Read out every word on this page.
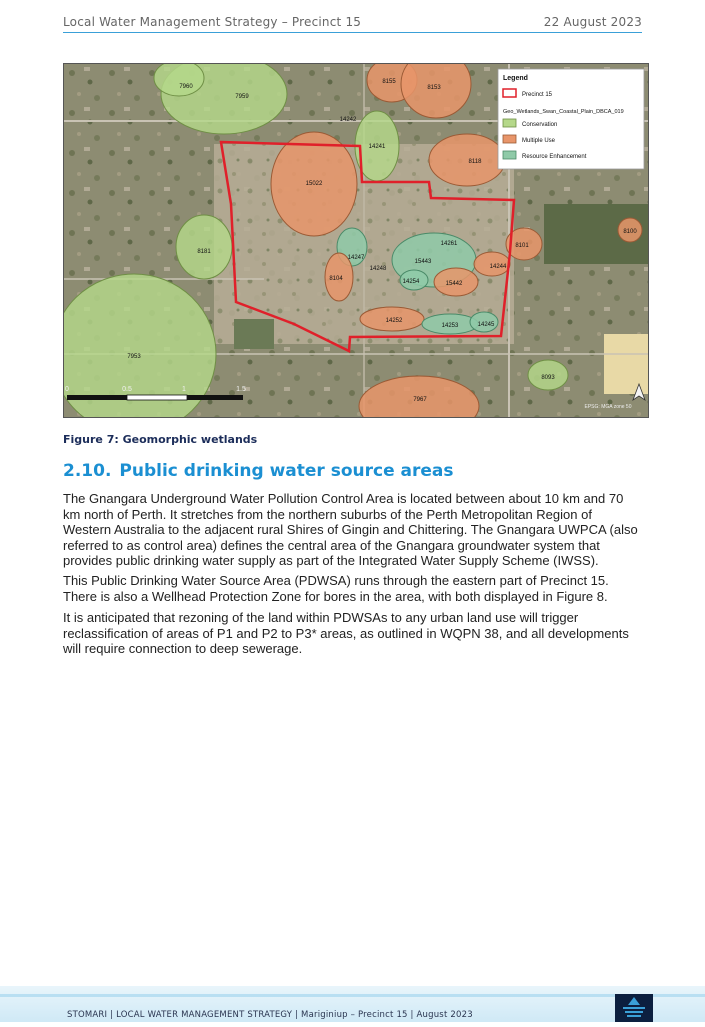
Local Water Management Strategy – Precinct 15	22 August 2023
7960
7959
8155
8153
14242
14241
8118
15022
8181
14247
14261	8101
8100
14248
15443
14244
8104	14254	15442
14252
14253	14245
7953
8093
7967
0	0.5	1	1.5
EPSG: MGA zone 50
Legend
Precinct 15
Geo_Wetlands_Swan_Coastal_Plain_DBCA_019
Conservation
Multiple Use
Resource Enhancement
Figure 7: Geomorphic wetlands
2.10. Public drinking water source areas

The Gnangara Underground Water Pollution Control Area is located between about 10 km and 70 km north of Perth. It stretches from the northern suburbs of the Perth Metropolitan Region of Western Australia to the adjacent rural Shires of Gingin and Chittering. The Gnangara UWPCA (also referred to as control area) defines the central area of the Gnangara groundwater system that provides public drinking water supply as part of the Integrated Water Supply Scheme (IWSS).

This Public Drinking Water Source Area (PDWSA) runs through the eastern part of Precinct 15. There is also a Wellhead Protection Zone for bores in the area, with both displayed in Figure 8.

It is anticipated that rezoning of the land within PDWSAs to any urban land use will trigger reclassification of areas of P1 and P2 to P3* areas, as outlined in WQPN 38, and all developments will require connection to deep sewerage.

STOMARI | LOCAL WATER MANAGEMENT STRATEGY | Mariginiup – Precinct 15 | August 2023
